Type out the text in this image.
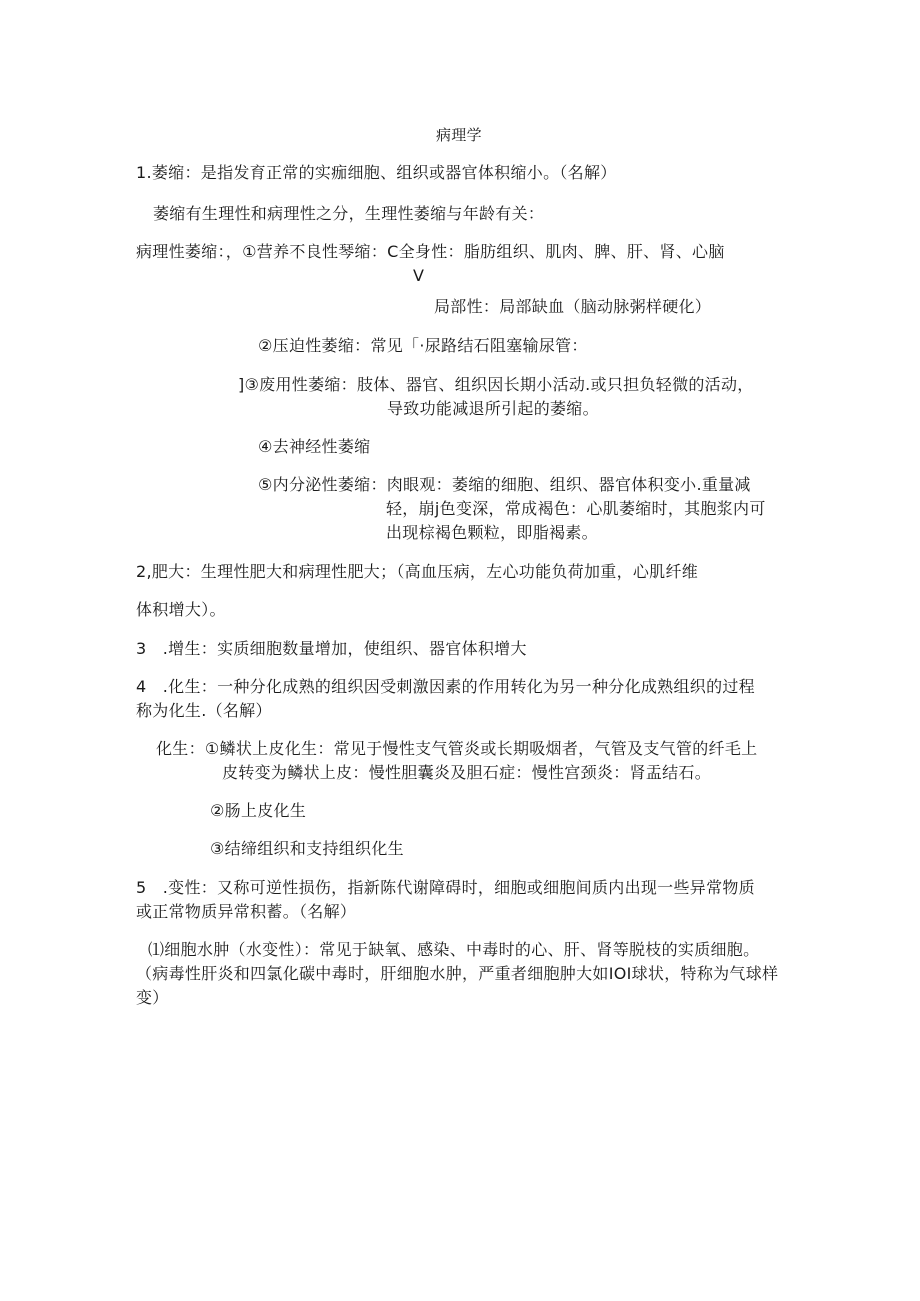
病理学
1.萎缩：是指发育正常的实痂细胞、组织或器官体积缩小。（名解）
萎缩有生理性和病理性之分，生理性萎缩与年龄有关：
病理性萎缩：，①营养不良性琴缩：C全身性：脂肪组织、肌肉、脾、肝、肾、心脑
V
局部性：局部缺血（脑动脉粥样硬化）
②压迫性萎缩：常见「·尿路结石阻塞输尿管：
]③废用性萎缩：肢体、器官、组织因长期小活动.或只担负轻微的活动，
导致功能减退所引起的萎缩。
④去神经性萎缩
⑤内分泌性萎缩：肉眼观：萎缩的细胞、组织、器官体积变小.重量减
轻，崩j色变深，常成褐色：心肌萎缩时，其胞浆内可
出现棕褐色颗粒，即脂褐素。
2,肥大：生理性肥大和病理性肥大；（高血压病，左心功能负荷加重，心肌纤维
体积增大）。
3　.增生：实质细胞数量增加，使组织、器官体积增大
4　.化生：一种分化成熟的组织因受刺激因素的作用转化为另一种分化成熟组织的过程
称为化生.（名解）
化生：①鳞状上皮化生：常见于慢性支气管炎或长期吸烟者，气管及支气管的纤毛上
皮转变为鳞状上皮：慢性胆囊炎及胆石症：慢性宫颈炎：肾盂结石。
②肠上皮化生
③结缔组织和支持组织化生
5　.变性：又称可逆性损伤，指新陈代谢障碍时，细胞或细胞间质内出现一些异常物质
或正常物质异常积蓄。（名解）
⑴细胞水肿（水变性）：常见于缺氧、感染、中毒时的心、肝、肾等脱枝的实质细胞。
（病毒性肝炎和四氯化碳中毒时，肝细胞水肿，严重者细胞肿大如IOI球状，特称为气球样
变）
